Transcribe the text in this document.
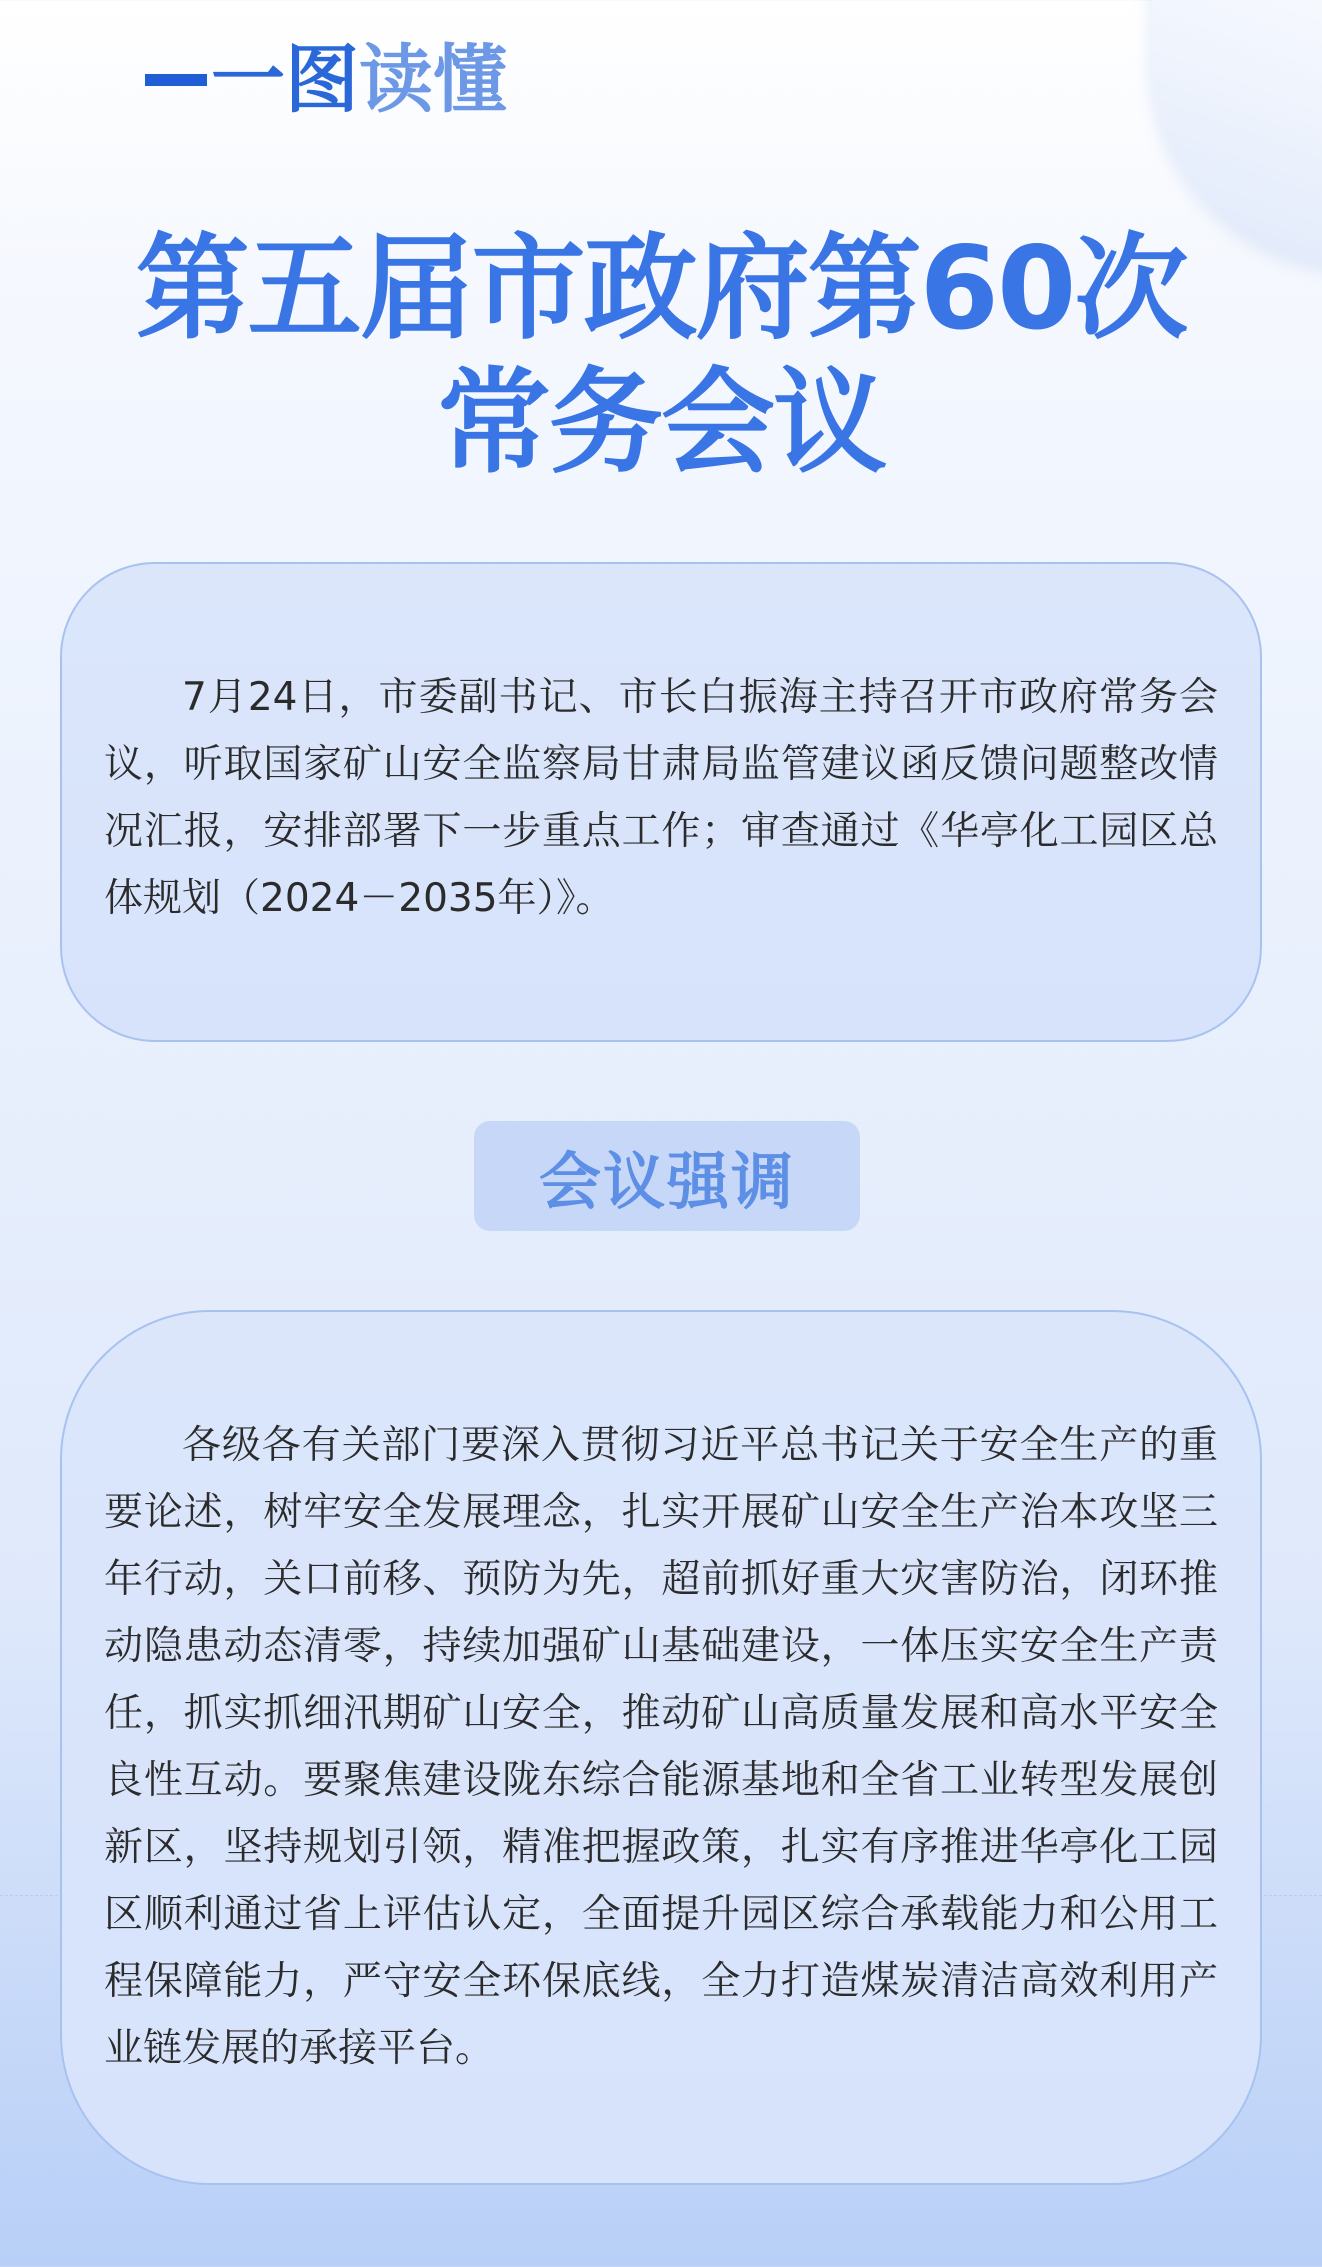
一图读懂
第五届市政府第60次
常务会议

7月24日，市委副书记、市长白振海主持召开市政府常务会议，听取国家矿山安全监察局甘肃局监管建议函反馈问题整改情况汇报，安排部署下一步重点工作；审查通过《华亭化工园区总体规划（2024－2035年）》。

会议强调

各级各有关部门要深入贯彻习近平总书记关于安全生产的重要论述，树牢安全发展理念，扎实开展矿山安全生产治本攻坚三年行动，关口前移、预防为先，超前抓好重大灾害防治，闭环推动隐患动态清零，持续加强矿山基础建设，一体压实安全生产责任，抓实抓细汛期矿山安全，推动矿山高质量发展和高水平安全良性互动。要聚焦建设陇东综合能源基地和全省工业转型发展创新区，坚持规划引领，精准把握政策，扎实有序推进华亭化工园区顺利通过省上评估认定，全面提升园区综合承载能力和公用工程保障能力，严守安全环保底线，全力打造煤炭清洁高效利用产业链发展的承接平台。
